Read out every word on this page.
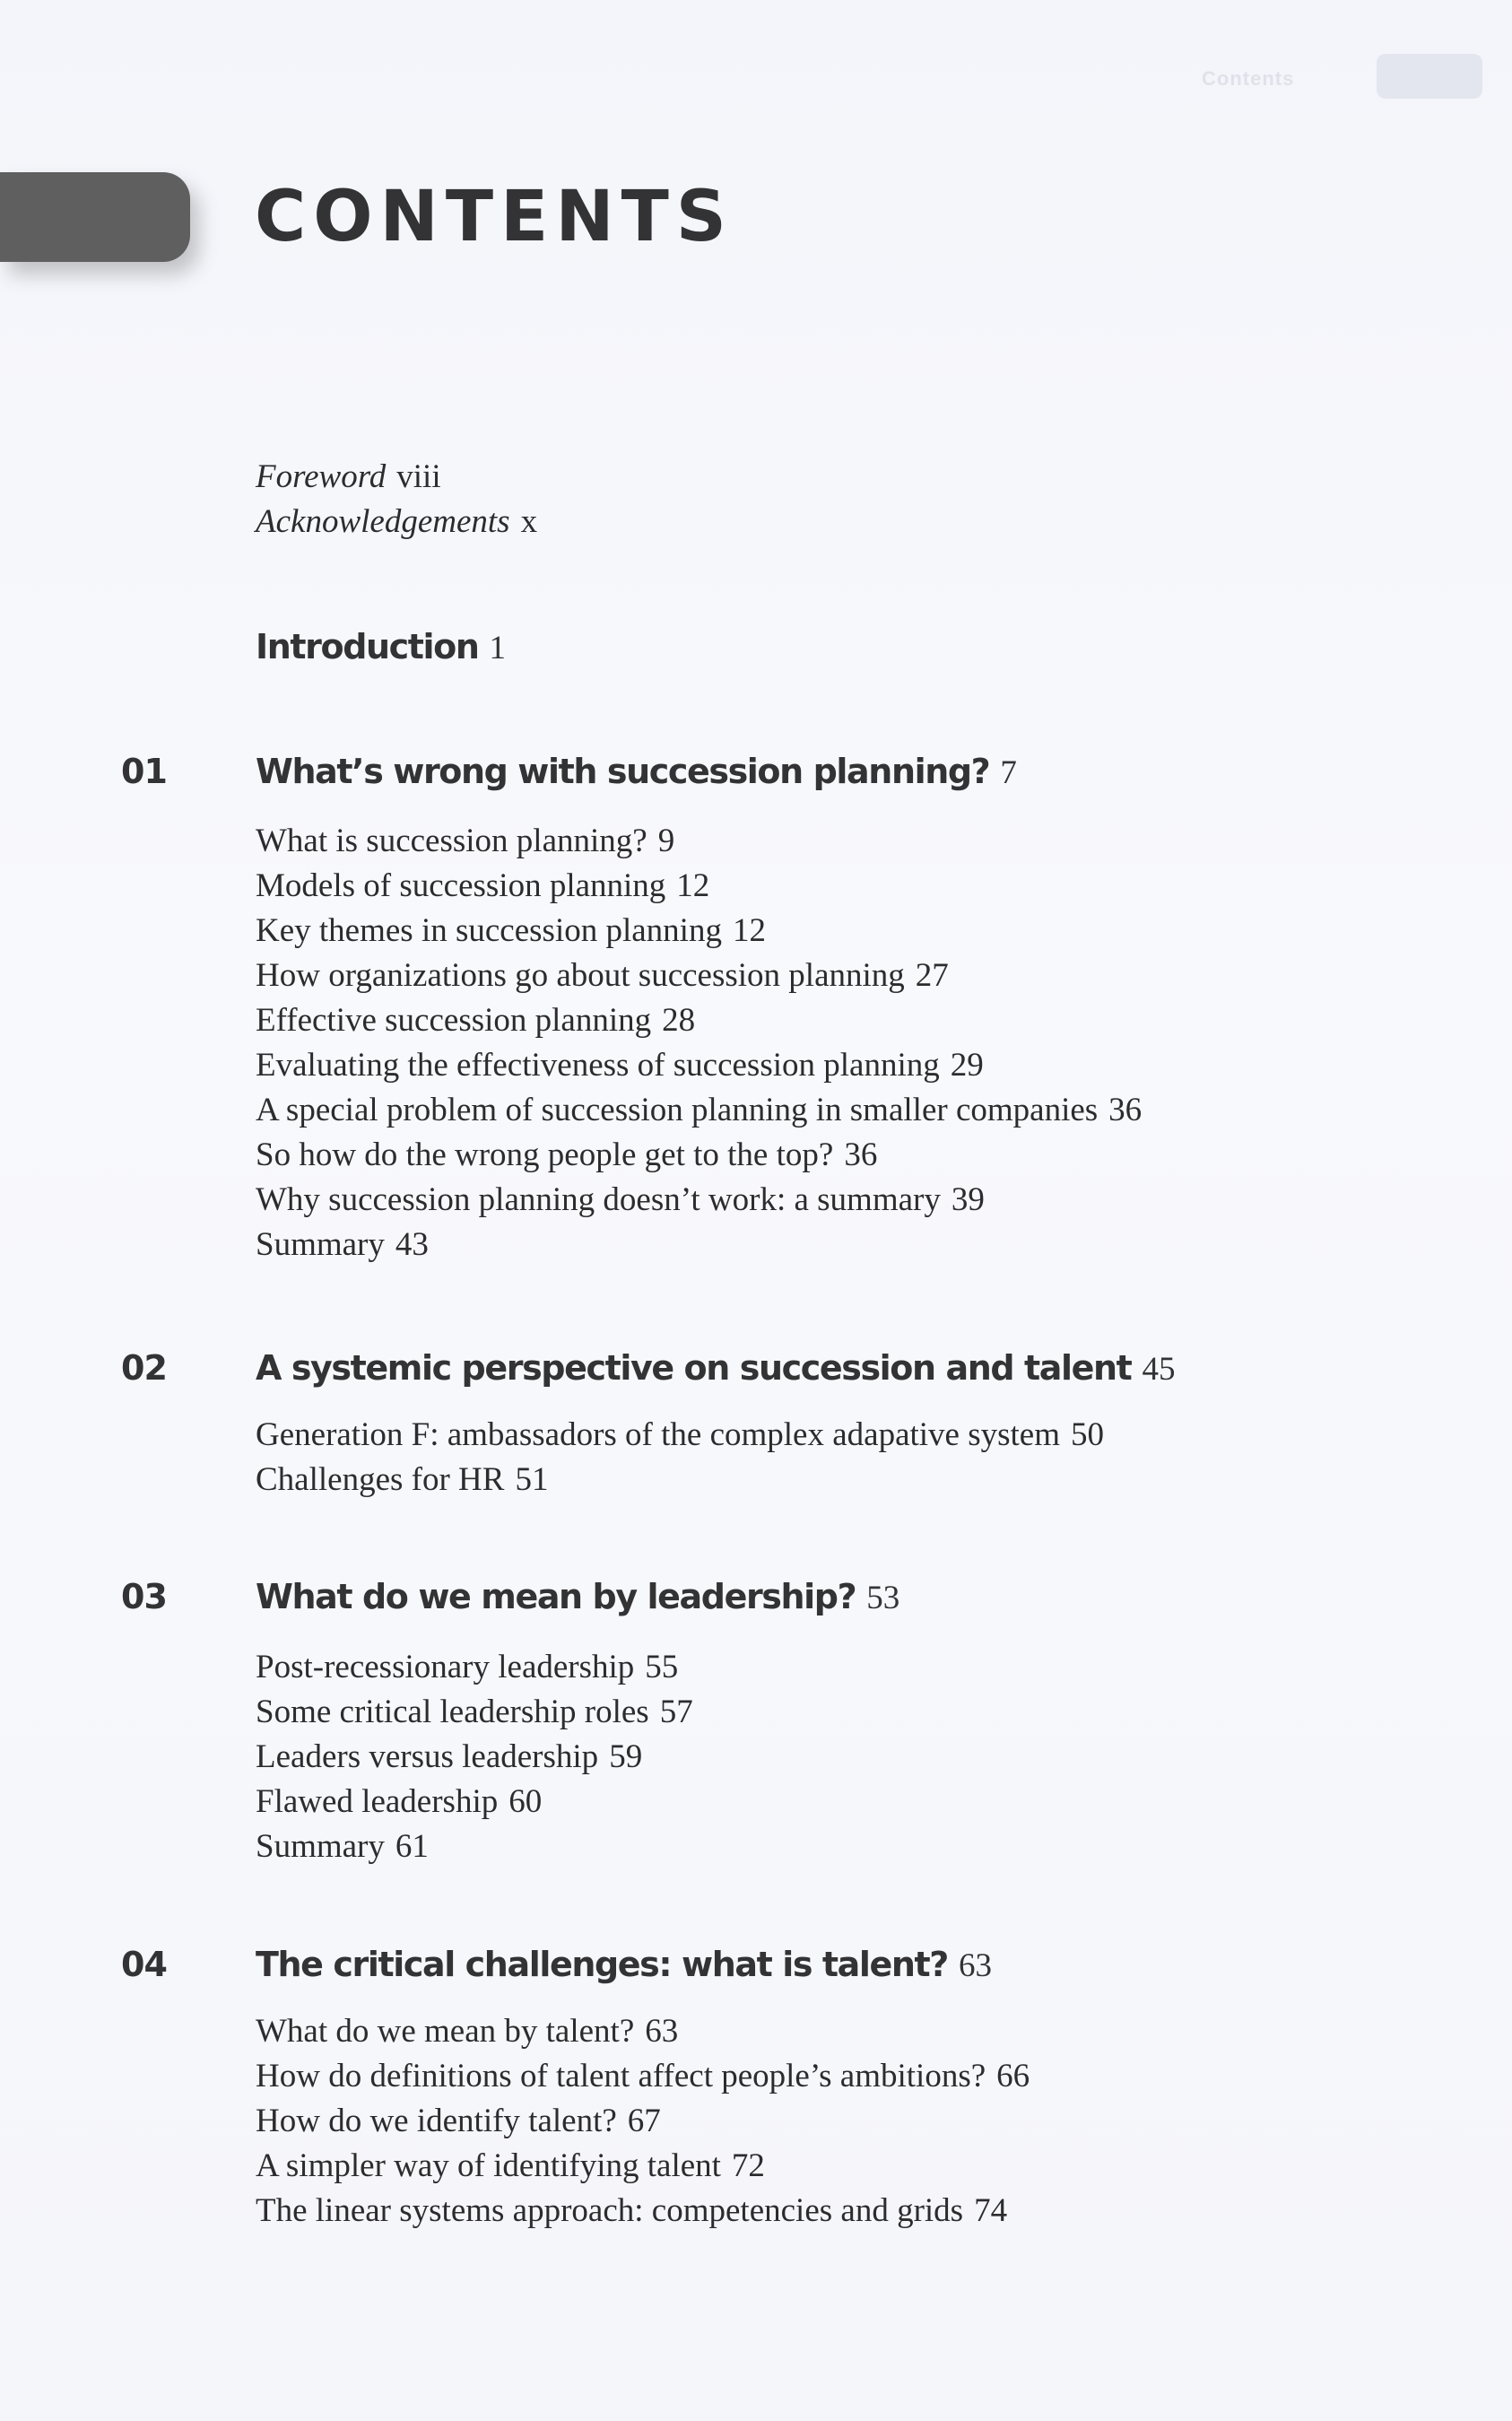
Contents
CONTENTS
Foreword viii
Acknowledgements x
Introduction 1
01	What’s wrong with succession planning? 7
What is succession planning? 9
Models of succession planning 12
Key themes in succession planning 12
How organizations go about succession planning 27
Effective succession planning 28
Evaluating the effectiveness of succession planning 29
A special problem of succession planning in smaller companies 36
So how do the wrong people get to the top? 36
Why succession planning doesn’t work: a summary 39
Summary 43
02	A systemic perspective on succession and talent 45
Generation F: ambassadors of the complex adapative system 50
Challenges for HR 51
03	What do we mean by leadership? 53
Post-recessionary leadership 55
Some critical leadership roles 57
Leaders versus leadership 59
Flawed leadership 60
Summary 61
04	The critical challenges: what is talent? 63
What do we mean by talent? 63
How do definitions of talent affect people’s ambitions? 66
How do we identify talent? 67
A simpler way of identifying talent 72
The linear systems approach: competencies and grids 74
